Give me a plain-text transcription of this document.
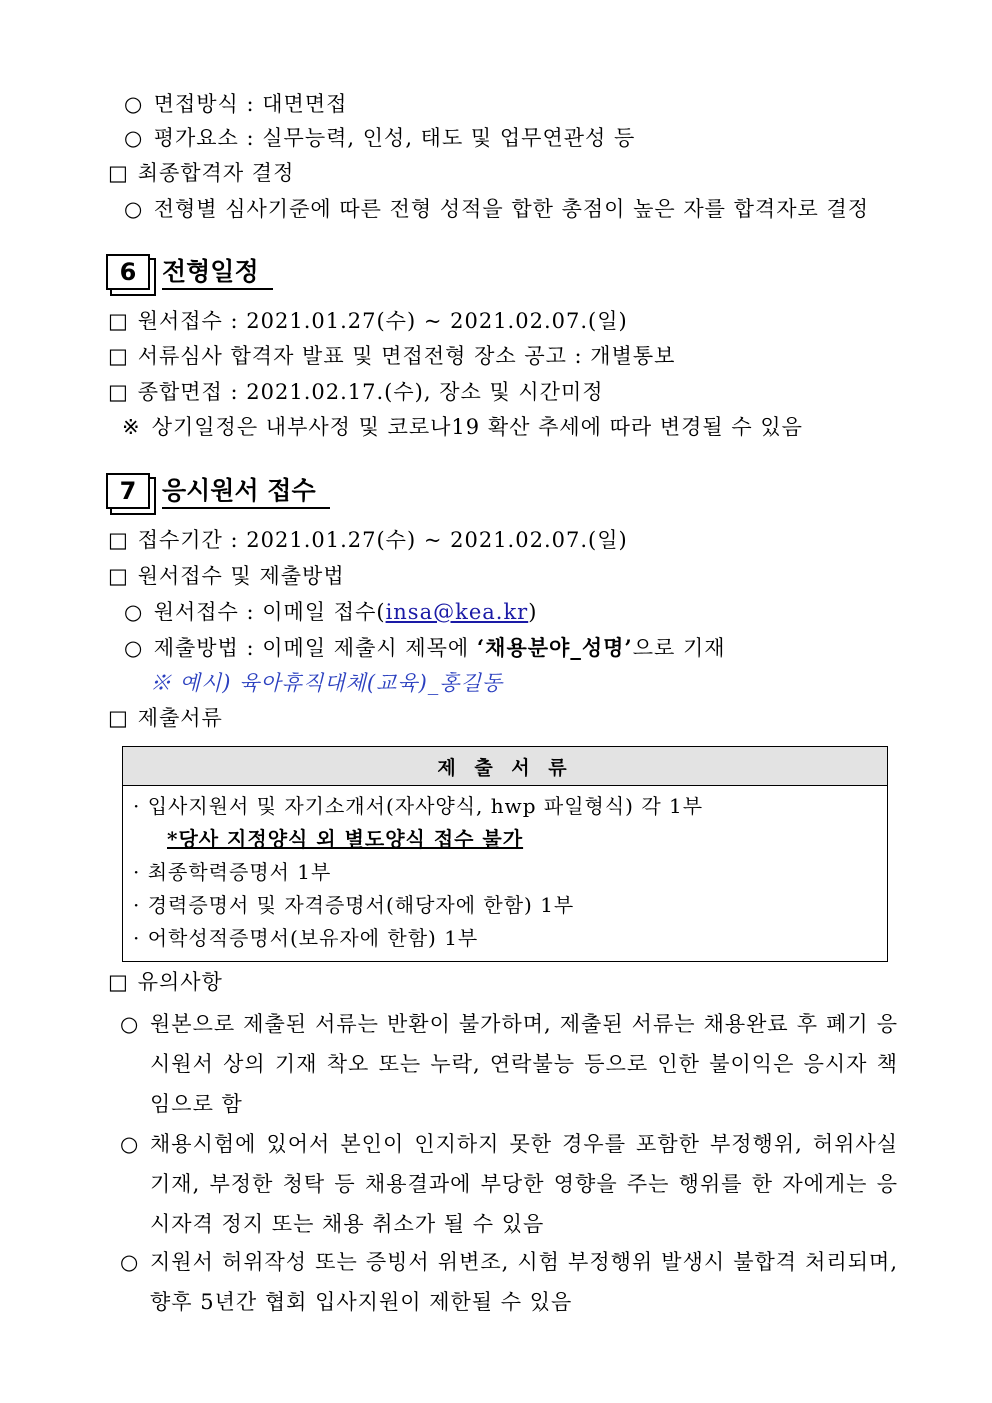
○ 면접방식 : 대면면접
○ 평가요소 : 실무능력, 인성, 태도 및 업무연관성 등
□ 최종합격자 결정
○ 전형별 심사기준에 따른 전형 성적을 합한 총점이 높은 자를 합격자로 결정
6	전형일정
□ 원서접수 : 2021.01.27(수) ~ 2021.02.07.(일)
□ 서류심사 합격자 발표 및 면접전형 장소 공고 : 개별통보
□ 종합면접 : 2021.02.17.(수), 장소 및 시간미정
※ 상기일정은 내부사정 및 코로나19 확산 추세에 따라 변경될 수 있음
7	응시원서 접수
□ 접수기간 : 2021.01.27(수) ~ 2021.02.07.(일)
□ 원서접수 및 제출방법
○ 원서접수 : 이메일 접수(insa@kea.kr)
○ 제출방법 : 이메일 제출시 제목에 ‘채용분야_성명’으로 기재
※ 예시) 육아휴직대체(교육)_홍길동
□ 제출서류
제 출 서 류

· 입사지원서 및 자기소개서(자사양식, hwp 파일형식) 각 1부
*당사 지정양식 외 별도양식 접수 불가
· 최종학력증명서 1부
· 경력증명서 및 자격증명서(해당자에 한함) 1부
· 어학성적증명서(보유자에 한함) 1부
□ 유의사항
○ 원본으로 제출된 서류는 반환이 불가하며, 제출된 서류는 채용완료 후 폐기 응시원서 상의 기재 착오 또는 누락, 연락불능 등으로 인한 불이익은 응시자 책임으로 함
○ 채용시험에 있어서 본인이 인지하지 못한 경우를 포함한 부정행위, 허위사실 기재, 부정한 청탁 등 채용결과에 부당한 영향을 주는 행위를 한 자에게는 응시자격 정지 또는 채용 취소가 될 수 있음
○ 지원서 허위작성 또는 증빙서 위변조, 시험 부정행위 발생시 불합격 처리되며, 향후 5년간 협회 입사지원이 제한될 수 있음
